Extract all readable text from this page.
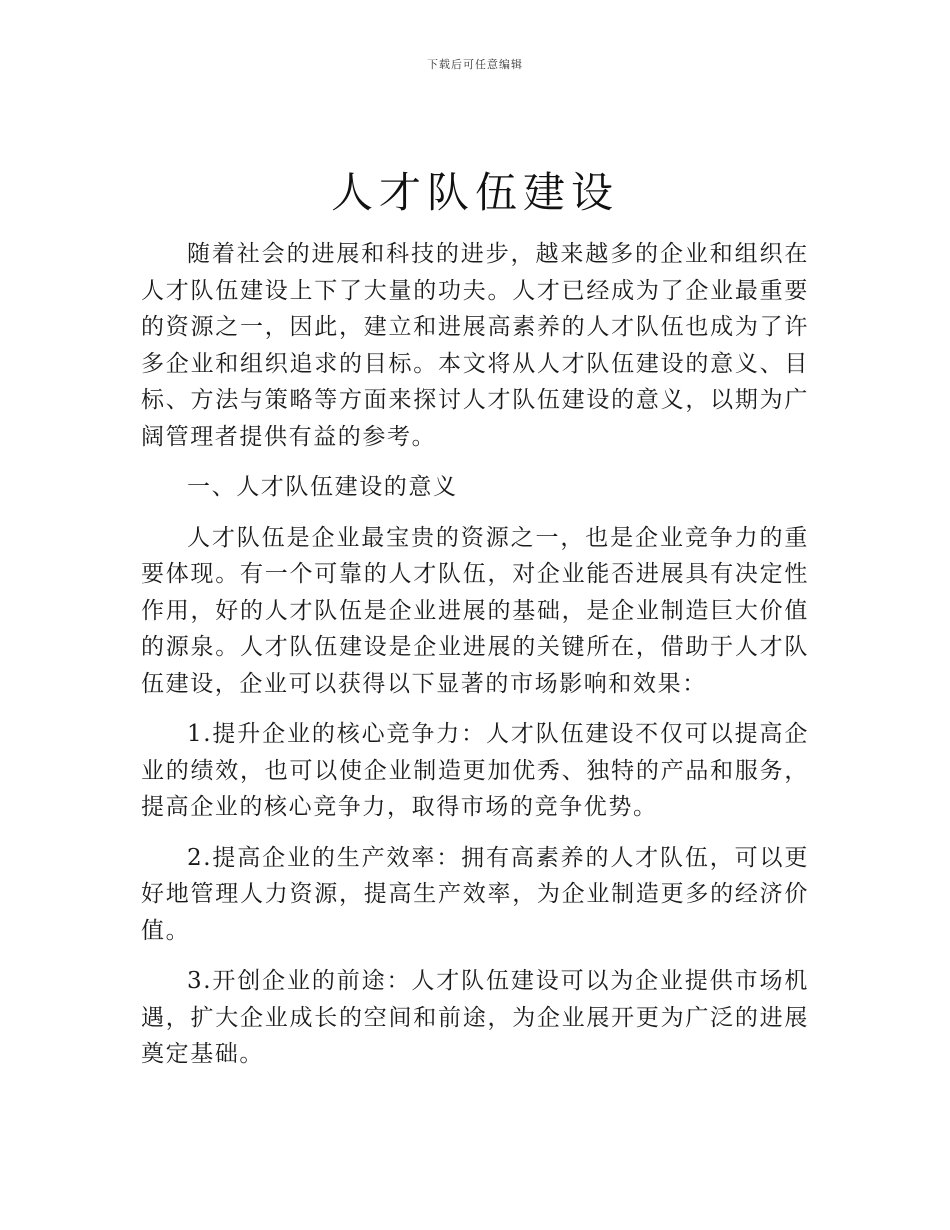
下载后可任意编辑
人才队伍建设

随着社会的进展和科技的进步，越来越多的企业和组织在人才队伍建设上下了大量的功夫。人才已经成为了企业最重要的资源之一，因此，建立和进展高素养的人才队伍也成为了许多企业和组织追求的目标。本文将从人才队伍建设的意义、目标、方法与策略等方面来探讨人才队伍建设的意义，以期为广阔管理者提供有益的参考。

一、人才队伍建设的意义

人才队伍是企业最宝贵的资源之一，也是企业竞争力的重要体现。有一个可靠的人才队伍，对企业能否进展具有决定性作用，好的人才队伍是企业进展的基础，是企业制造巨大价值的源泉。人才队伍建设是企业进展的关键所在，借助于人才队伍建设，企业可以获得以下显著的市场影响和效果：

1.提升企业的核心竞争力：人才队伍建设不仅可以提高企业的绩效，也可以使企业制造更加优秀、独特的产品和服务，提高企业的核心竞争力，取得市场的竞争优势。

2.提高企业的生产效率：拥有高素养的人才队伍，可以更好地管理人力资源，提高生产效率，为企业制造更多的经济价值。

3.开创企业的前途：人才队伍建设可以为企业提供市场机遇，扩大企业成长的空间和前途，为企业展开更为广泛的进展奠定基础。
